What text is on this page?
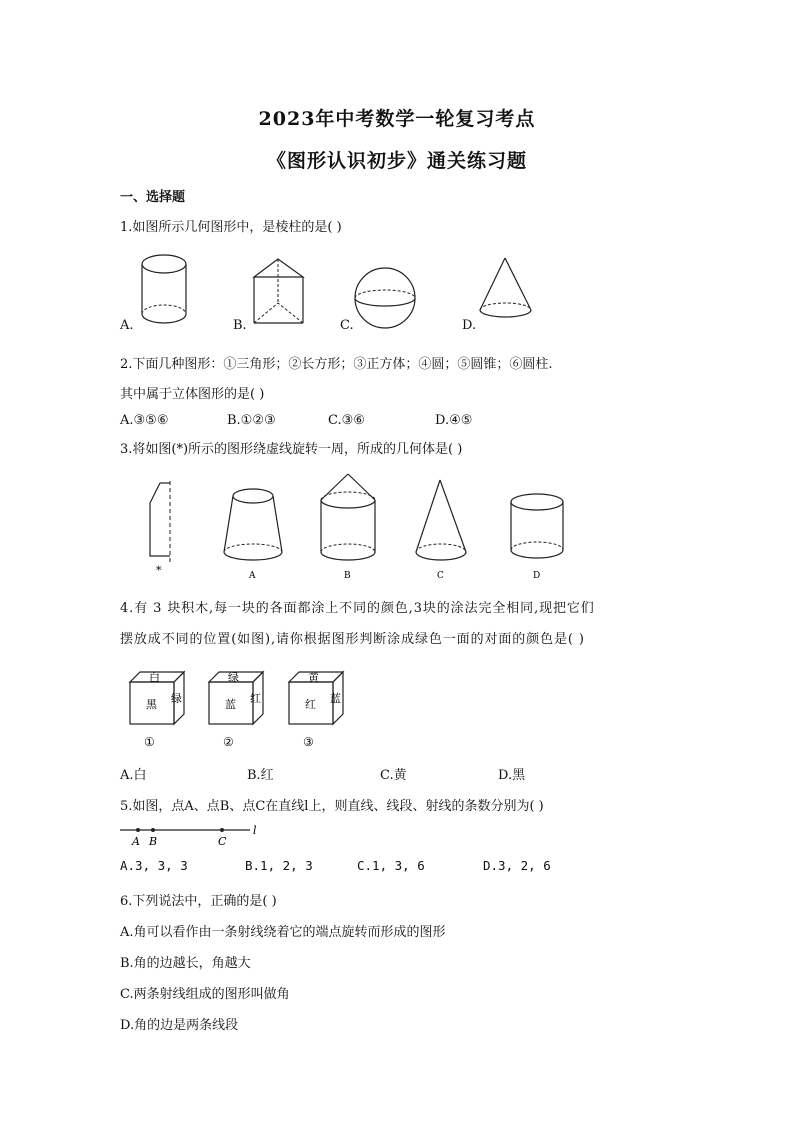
2023年中考数学一轮复习考点
《图形认识初步》通关练习题
一、选择题
1.如图所示几何图形中，是棱柱的是( )
A.	B.	C.	D.
2.下面几种图形：①三角形；②长方形；③正方体；④圆；⑤圆锥；⑥圆柱.
其中属于立体图形的是( )
A.③⑤⑥	B.①②③	C.③⑥	D.④⑤
3.将如图(*)所示的图形绕虚线旋转一周，所成的几何体是( )
*	A	B	C	D
4.有 3 块积木,每一块的各面都涂上不同的颜色,3块的涂法完全相同,现把它们
摆放成不同的位置(如图),请你根据图形判断涂成绿色一面的对面的颜色是( )
白
黑 绿
①
绿
蓝 红
②
黄
红 蓝
③
A.白	B.红	C.黄	D.黑
5.如图，点A、点B、点C在直线l上，则直线、线段、射线的条数分别为( )
A B	C
l
A.3, 3, 3	B.1, 2, 3	C.1, 3, 6	D.3, 2, 6
6.下列说法中，正确的是( )
A.角可以看作由一条射线绕着它的端点旋转而形成的图形
B.角的边越长，角越大
C.两条射线组成的图形叫做角
D.角的边是两条线段
